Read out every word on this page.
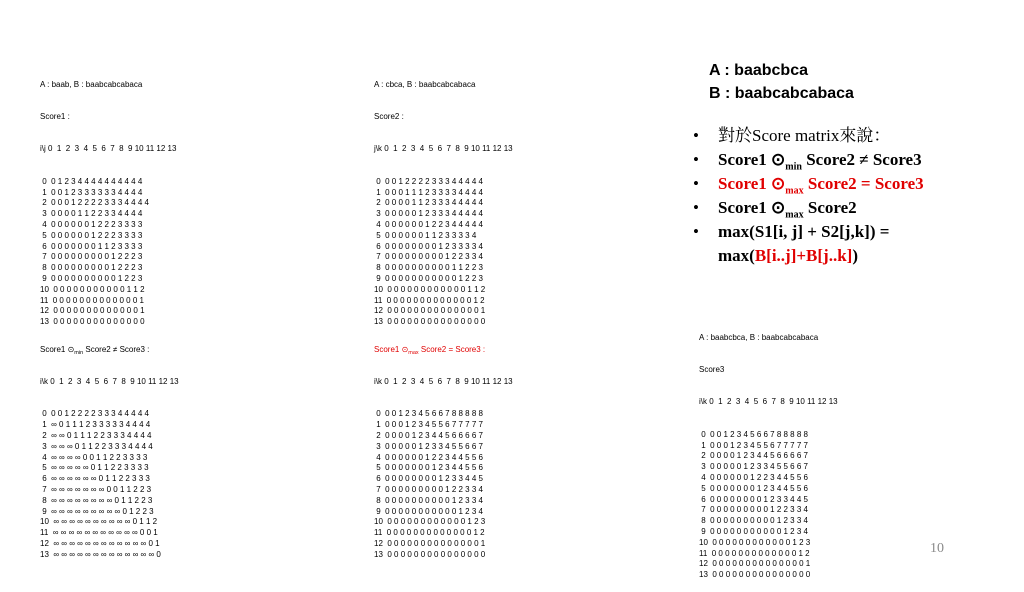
A : baab, B : baabcabcabaca

Score1 :

i\j 0  1  2  3  4  5  6  7  8  9 10 11 12 13

0  0 1 2 3 4 4 4 4 4 4 4 4 4 4
1  0 0 1 2 3 3 3 3 3 3 4 4 4 4
2  0 0 0 1 2 2 2 2 3 3 3 4 4 4 4
3  0 0 0 0 1 1 2 2 3 3 4 4 4 4
4  0 0 0 0 0 0 1 2 2 2 3 3 3 3
5  0 0 0 0 0 0 1 2 2 2 3 3 3 3
6  0 0 0 0 0 0 0 1 1 2 3 3 3 3
7  0 0 0 0 0 0 0 0 0 1 2 2 2 3
8  0 0 0 0 0 0 0 0 0 1 2 2 2 3
9  0 0 0 0 0 0 0 0 0 0 1 2 2 3
10  0 0 0 0 0 0 0 0 0 0 0 1 1 2
11  0 0 0 0 0 0 0 0 0 0 0 0 0 1
12  0 0 0 0 0 0 0 0 0 0 0 0 0 1
13  0 0 0 0 0 0 0 0 0 0 0 0 0 0

A : cbca, B : baabcabcabaca

Score2 :

j\k 0  1  2  3  4  5  6  7  8  9 10 11 12 13

0  0 0 1 2 2 2 2 3 3 3 4 4 4 4 4
1  0 0 0 1 1 1 2 3 3 3 3 4 4 4 4
2  0 0 0 0 1 1 2 3 3 3 4 4 4 4 4
3  0 0 0 0 0 1 2 3 3 3 4 4 4 4 4
4  0 0 0 0 0 0 1 2 2 3 4 4 4 4 4
5  0 0 0 0 0 0 1 1 2 3 3 3 3 4
6  0 0 0 0 0 0 0 0 1 2 3 3 3 3 4
7  0 0 0 0 0 0 0 0 0 1 2 2 3 3 4
8  0 0 0 0 0 0 0 0 0 0 1 1 2 2 3
9  0 0 0 0 0 0 0 0 0 0 0 1 2 2 3
10  0 0 0 0 0 0 0 0 0 0 0 0 1 1 2
11  0 0 0 0 0 0 0 0 0 0 0 0 0 1 2
12  0 0 0 0 0 0 0 0 0 0 0 0 0 0 1
13  0 0 0 0 0 0 0 0 0 0 0 0 0 0 0

Score1 $⊙_{min}$ Score2 ≠ Score3 :

i\k 0  1  2  3  4  5  6  7  8  9 10 11 12 13

0  0 0 1 2 2 2 2 3 3 3 4 4 4 4 4
1  ∞ 0 1 1 1 2 3 3 3 3 3 4 4 4 4
2  ∞ ∞ 0 1 1 1 2 2 3 3 3 4 4 4 4
3  ∞ ∞ ∞ 0 1 1 2 2 3 3 3 4 4 4 4
4  ∞ ∞ ∞ ∞ 0 0 1 1 2 2 3 3 3 3
5  ∞ ∞ ∞ ∞ ∞ 0 1 1 2 2 3 3 3 3
6  ∞ ∞ ∞ ∞ ∞ ∞ 0 1 1 2 2 3 3 3
7  ∞ ∞ ∞ ∞ ∞ ∞ ∞ 0 0 1 1 2 2 3
8  ∞ ∞ ∞ ∞ ∞ ∞ ∞ ∞ 0 1 1 2 2 3
9  ∞ ∞ ∞ ∞ ∞ ∞ ∞ ∞ ∞ 0 1 2 2 3
10  ∞ ∞ ∞ ∞ ∞ ∞ ∞ ∞ ∞ ∞ 0 1 1 2
11  ∞ ∞ ∞ ∞ ∞ ∞ ∞ ∞ ∞ ∞ ∞ 0 0 1
12  ∞ ∞ ∞ ∞ ∞ ∞ ∞ ∞ ∞ ∞ ∞ ∞ 0 1
13  ∞ ∞ ∞ ∞ ∞ ∞ ∞ ∞ ∞ ∞ ∞ ∞ ∞ 0

Score1 $⊙_{max}$ Score2 = Score3 :

i\k 0  1  2  3  4  5  6  7  8  9 10 11 12 13

0  0 0 1 2 3 4 5 6 6 7 8 8 8 8 8
1  0 0 0 1 2 3 4 5 5 6 7 7 7 7 7
2  0 0 0 0 1 2 3 4 4 5 6 6 6 6 7
3  0 0 0 0 0 1 2 3 3 4 5 5 6 6 7
4  0 0 0 0 0 0 1 2 2 3 4 4 5 5 6
5  0 0 0 0 0 0 0 1 2 3 4 4 5 5 6
6  0 0 0 0 0 0 0 0 1 2 3 3 4 4 5
7  0 0 0 0 0 0 0 0 0 1 2 2 3 3 4
8  0 0 0 0 0 0 0 0 0 0 1 2 3 3 4
9  0 0 0 0 0 0 0 0 0 0 0 1 2 3 4
10  0 0 0 0 0 0 0 0 0 0 0 0 1 2 3
11  0 0 0 0 0 0 0 0 0 0 0 0 0 1 2
12  0 0 0 0 0 0 0 0 0 0 0 0 0 0 1
13  0 0 0 0 0 0 0 0 0 0 0 0 0 0 0

A : baabcbca, B : baabcabcabaca

Score3

i\k 0  1  2  3  4  5  6  7  8  9 10 11 12 13

0  0 0 1 2 3 4 5 6 6 7 8 8 8 8 8
1  0 0 0 1 2 3 4 5 5 6 7 7 7 7 7
2  0 0 0 0 1 2 3 4 4 5 6 6 6 6 7
3  0 0 0 0 0 1 2 3 3 4 5 5 6 6 7
4  0 0 0 0 0 0 1 2 2 3 4 4 5 5 6
5  0 0 0 0 0 0 0 1 2 3 4 4 5 5 6
6  0 0 0 0 0 0 0 0 1 2 3 3 4 4 5
7  0 0 0 0 0 0 0 0 0 1 2 2 3 3 4
8  0 0 0 0 0 0 0 0 0 0 1 2 3 3 4
9  0 0 0 0 0 0 0 0 0 0 0 1 2 3 4
10  0 0 0 0 0 0 0 0 0 0 0 0 1 2 3
11  0 0 0 0 0 0 0 0 0 0 0 0 0 1 2
12  0 0 0 0 0 0 0 0 0 0 0 0 0 0 1
13  0 0 0 0 0 0 0 0 0 0 0 0 0 0 0

A : baabcbca
B : baabcabcabaca
• 對於Score matrix來說：
• Score1 $⊙_{min}$ Score2 ≠ Score3
• Score1 $⊙_{max}$ Score2 = Score3
• Score1 $⊙_{max}$ Score2
• max(S1[i, j] + S2[j,k]) =
max(B[i..j]+B[j..k])
10
